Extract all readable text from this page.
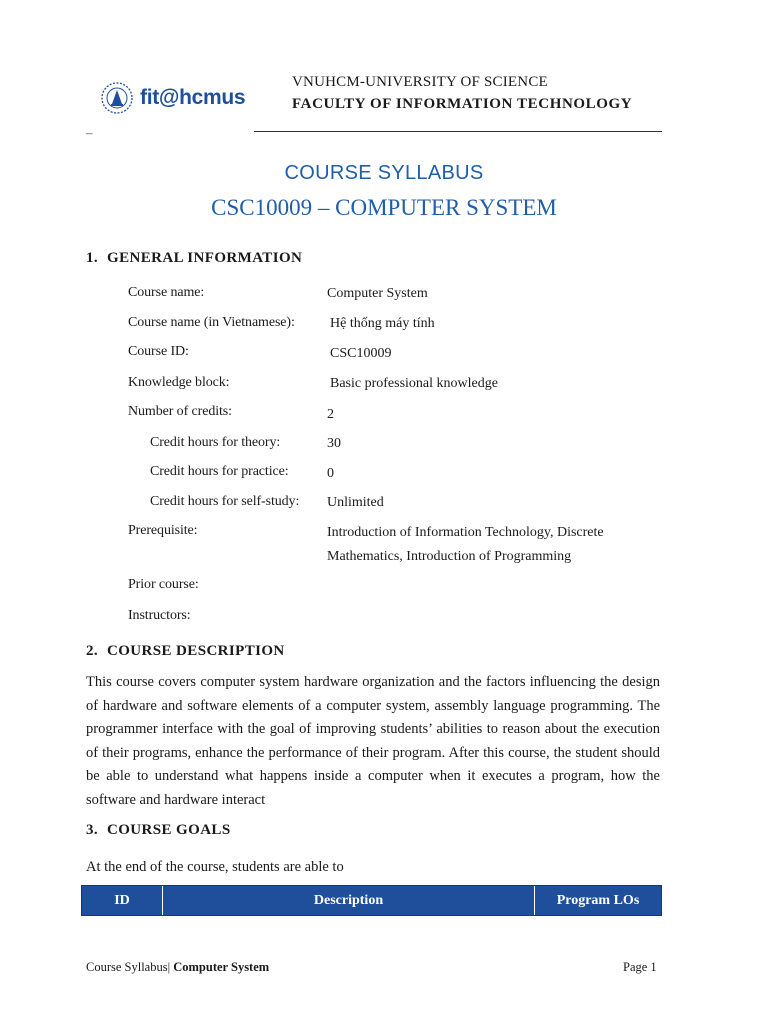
fit@hcmus
VNUHCM-UNIVERSITY OF SCIENCE
FACULTY OF INFORMATION TECHNOLOGY
–
COURSE SYLLABUS
CSC10009 – COMPUTER SYSTEM
1. GENERAL INFORMATION
Course name:	Computer System
Course name (in Vietnamese):	Hệ thống máy tính
Course ID:	CSC10009
Knowledge block:	Basic professional knowledge
Number of credits:	2
Credit hours for theory:	30
Credit hours for practice:	0
Credit hours for self-study: Unlimited
Prerequisite:	Introduction of Information Technology, Discrete Mathematics, Introduction of Programming
Prior course:
Instructors:
2. COURSE DESCRIPTION
This course covers computer system hardware organization and the factors influencing the design of hardware and software elements of a computer system, assembly language programming. The programmer interface with the goal of improving students’ abilities to reason about the execution of their programs, enhance the performance of their program. After this course, the student should be able to understand what happens inside a computer when it executes a program, how the software and hardware interact
3. COURSE GOALS
At the end of the course, students are able to
ID	Description	Program LOs
Course Syllabus| Computer System	Page 1
